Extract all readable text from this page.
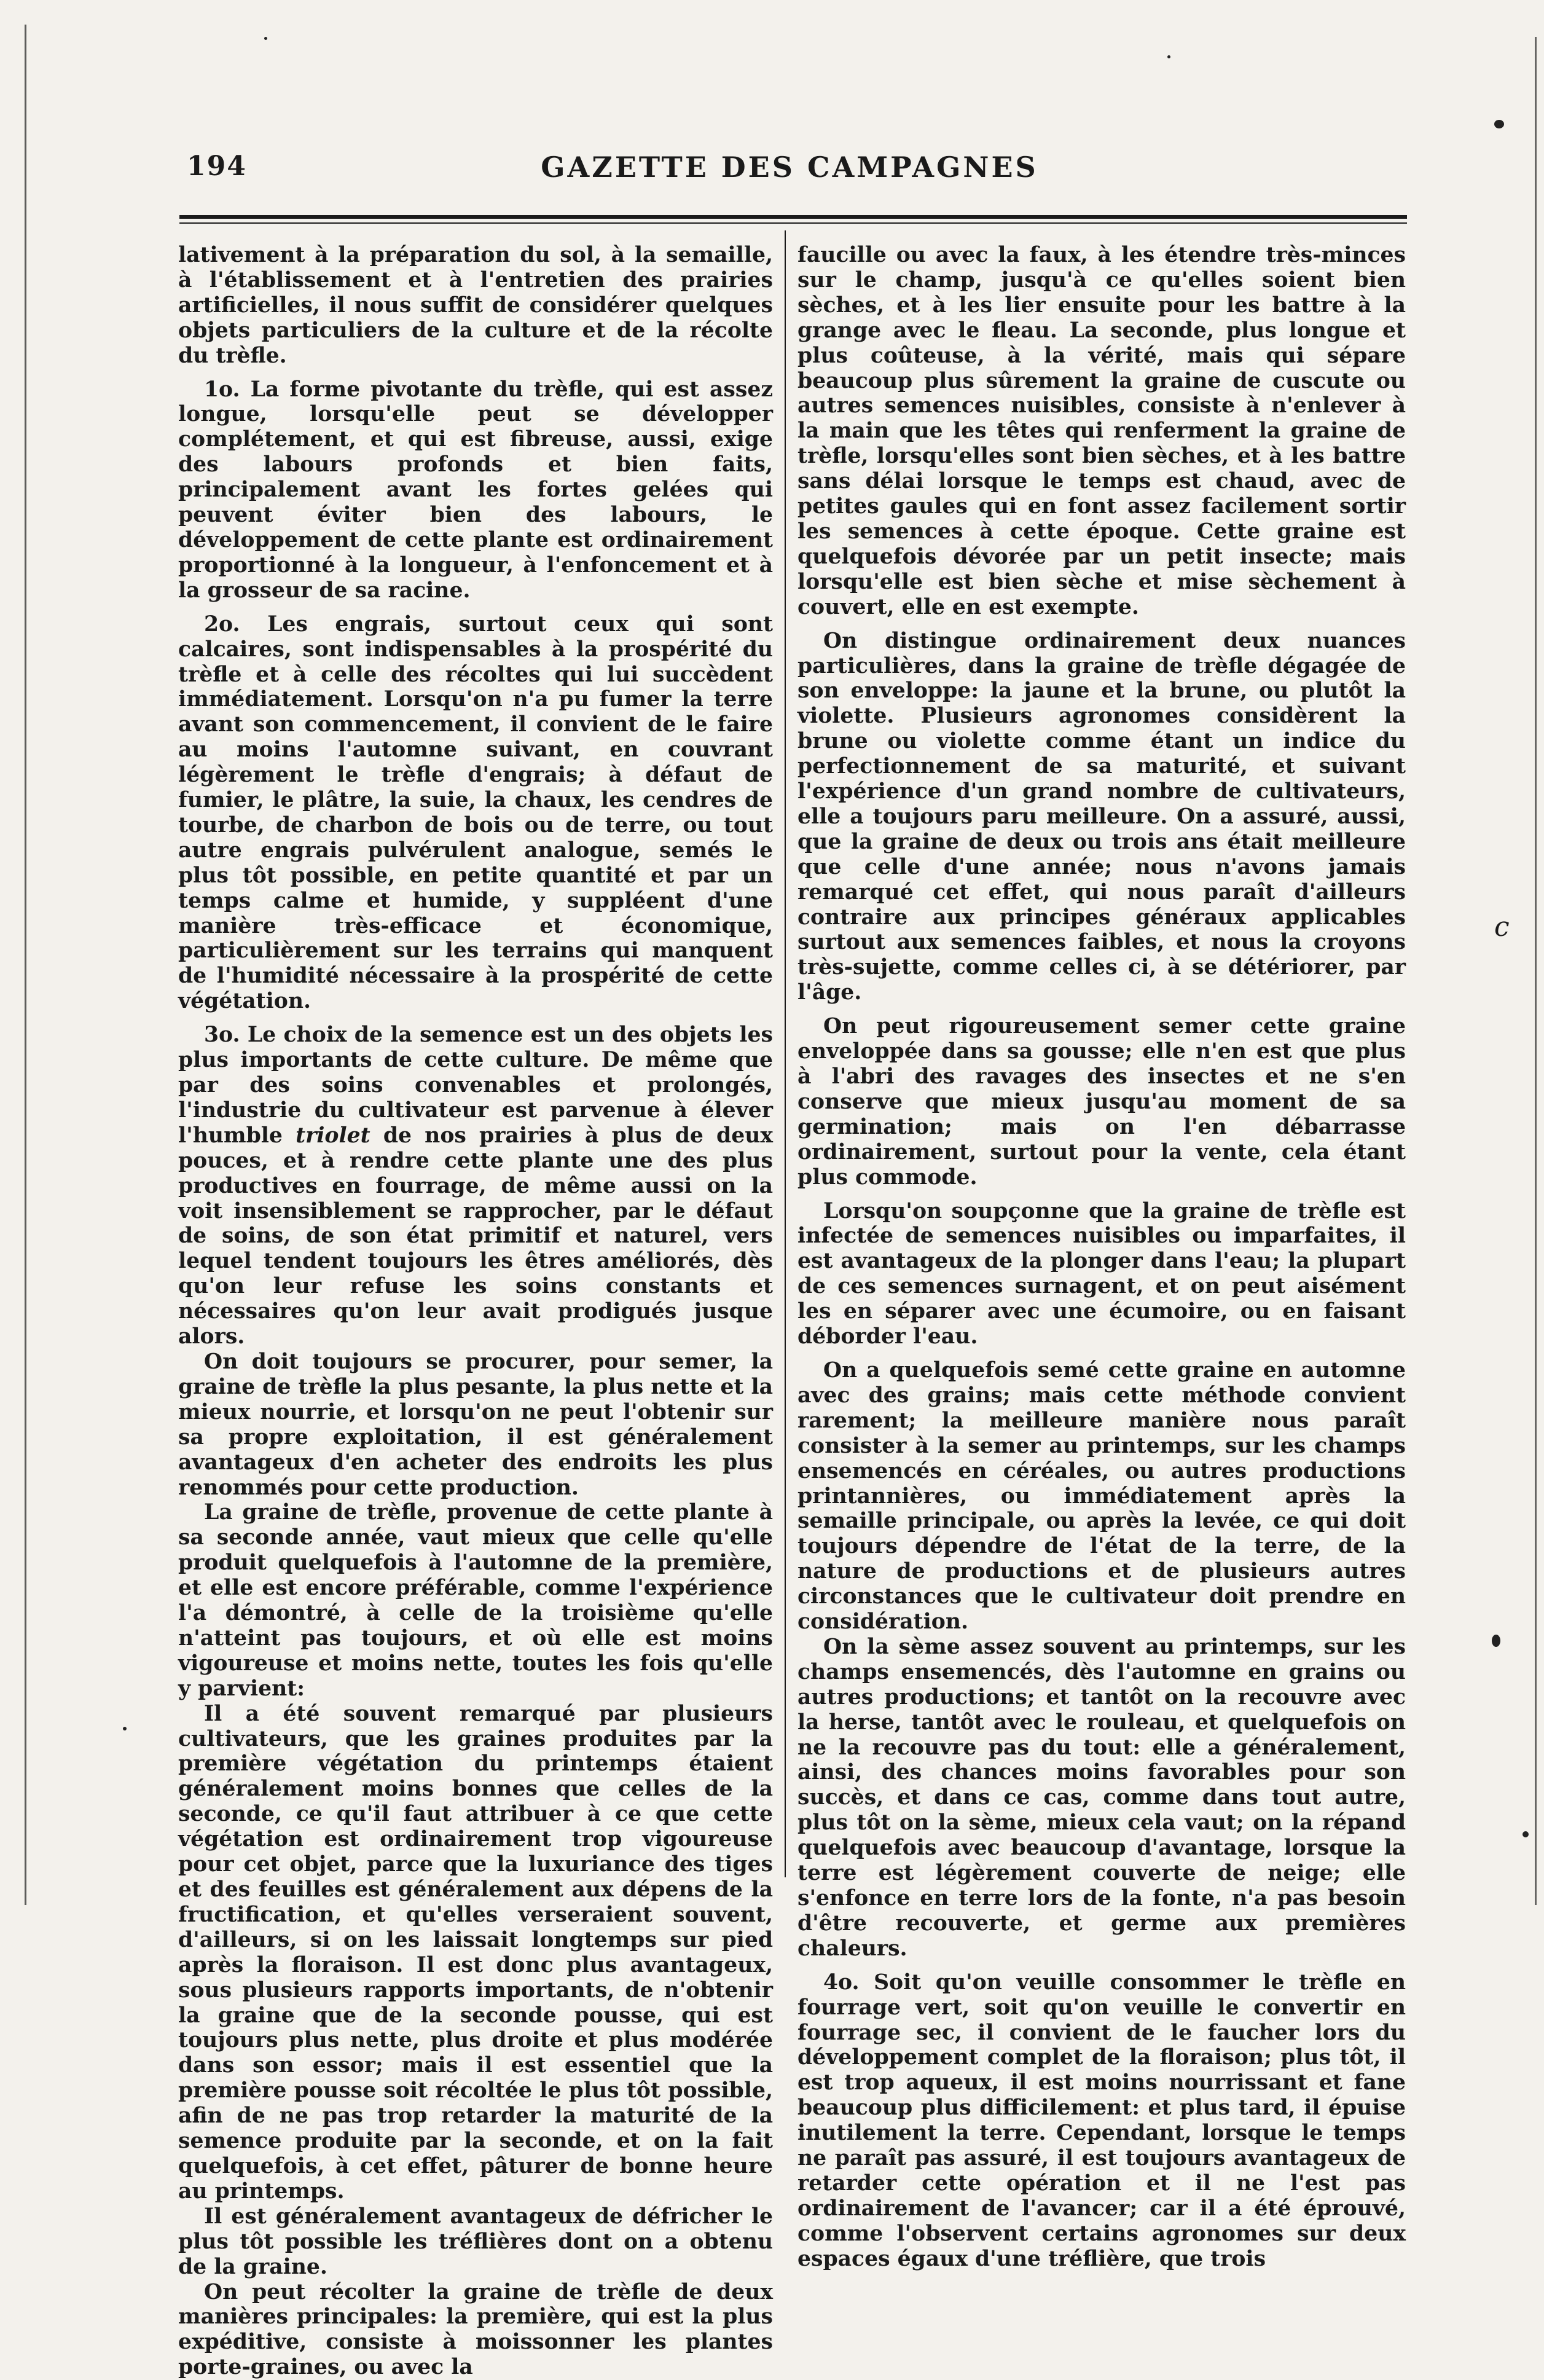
194	GAZETTE DES CAMPAGNES

lativement à la préparation du sol, à la semaille, à l'établissement et à l'entretien des prairies artificielles, il nous suffit de considérer quelques objets particuliers de la culture et de la récolte du trèfle.

1o. La forme pivotante du trèfle, qui est assez longue, lorsqu'elle peut se développer complétement, et qui est fibreuse, aussi, exige des labours profonds et bien faits, principalement avant les fortes gelées qui peuvent éviter bien des labours, le développement de cette plante est ordinairement proportionné à la longueur, à l'enfoncement et à la grosseur de sa racine.

2o. Les engrais, surtout ceux qui sont calcaires, sont indispensables à la prospérité du trèfle et à celle des récoltes qui lui succèdent immédiatement. Lorsqu'on n'a pu fumer la terre avant son commencement, il convient de le faire au moins l'automne suivant, en couvrant légèrement le trèfle d'engrais; à défaut de fumier, le plâtre, la suie, la chaux, les cendres de tourbe, de charbon de bois ou de terre, ou tout autre engrais pulvérulent analogue, semés le plus tôt possible, en petite quantité et par un temps calme et humide, y suppléent d'une manière très-efficace et économique, particulièrement sur les terrains qui manquent de l'humidité nécessaire à la prospérité de cette végétation.

3o. Le choix de la semence est un des objets les plus importants de cette culture. De même que par des soins convenables et prolongés, l'industrie du cultivateur est parvenue à élever l'humble triolet de nos prairies à plus de deux pouces, et à rendre cette plante une des plus productives en fourrage, de même aussi on la voit insensiblement se rapprocher, par le défaut de soins, de son état primitif et naturel, vers lequel tendent toujours les êtres améliorés, dès qu'on leur refuse les soins constants et nécessaires qu'on leur avait prodigués jusque alors.

On doit toujours se procurer, pour semer, la graine de trèfle la plus pesante, la plus nette et la mieux nourrie, et lorsqu'on ne peut l'obtenir sur sa propre exploitation, il est généralement avantageux d'en acheter des endroits les plus renommés pour cette production.

La graine de trèfle, provenue de cette plante à sa seconde année, vaut mieux que celle qu'elle produit quelquefois à l'automne de la première, et elle est encore préférable, comme l'expérience l'a démontré, à celle de la troisième qu'elle n'atteint pas toujours, et où elle est moins vigoureuse et moins nette, toutes les fois qu'elle y parvient:

Il a été souvent remarqué par plusieurs cultivateurs, que les graines produites par la première végétation du printemps étaient généralement moins bonnes que celles de la seconde, ce qu'il faut attribuer à ce que cette végétation est ordinairement trop vigoureuse pour cet objet, parce que la luxuriance des tiges et des feuilles est généralement aux dépens de la fructification, et qu'elles verseraient souvent, d'ailleurs, si on les laissait longtemps sur pied après la floraison. Il est donc plus avantageux, sous plusieurs rapports importants, de n'obtenir la graine que de la seconde pousse, qui est toujours plus nette, plus droite et plus modérée dans son essor; mais il est essentiel que la première pousse soit récoltée le plus tôt possible, afin de ne pas trop retarder la maturité de la semence produite par la seconde, et on la fait quelquefois, à cet effet, pâturer de bonne heure au printemps.

Il est généralement avantageux de défricher le plus tôt possible les tréflières dont on a obtenu de la graine.

On peut récolter la graine de trèfle de deux manières principales: la première, qui est la plus expéditive, consiste à moissonner les plantes porte-graines, ou avec la

faucille ou avec la faux, à les étendre très-minces sur le champ, jusqu'à ce qu'elles soient bien sèches, et à les lier ensuite pour les battre à la grange avec le fleau. La seconde, plus longue et plus coûteuse, à la vérité, mais qui sépare beaucoup plus sûrement la graine de cuscute ou autres semences nuisibles, consiste à n'enlever à la main que les têtes qui renferment la graine de trèfle, lorsqu'elles sont bien sèches, et à les battre sans délai lorsque le temps est chaud, avec de petites gaules qui en font assez facilement sortir les semences à cette époque. Cette graine est quelquefois dévorée par un petit insecte; mais lorsqu'elle est bien sèche et mise sèchement à couvert, elle en est exempte.

On distingue ordinairement deux nuances particulières, dans la graine de trèfle dégagée de son enveloppe: la jaune et la brune, ou plutôt la violette. Plusieurs agronomes considèrent la brune ou violette comme étant un indice du perfectionnement de sa maturité, et suivant l'expérience d'un grand nombre de cultivateurs, elle a toujours paru meilleure. On a assuré, aussi, que la graine de deux ou trois ans était meilleure que celle d'une année; nous n'avons jamais remarqué cet effet, qui nous paraît d'ailleurs contraire aux principes généraux applicables surtout aux semences faibles, et nous la croyons très-sujette, comme celles ci, à se détériorer, par l'âge.

On peut rigoureusement semer cette graine enveloppée dans sa gousse; elle n'en est que plus à l'abri des ravages des insectes et ne s'en conserve que mieux jusqu'au moment de sa germination; mais on l'en débarrasse ordinairement, surtout pour la vente, cela étant plus commode.

Lorsqu'on soupçonne que la graine de trèfle est infectée de semences nuisibles ou imparfaites, il est avantageux de la plonger dans l'eau; la plupart de ces semences surnagent, et on peut aisément les en séparer avec une écumoire, ou en faisant déborder l'eau.

On a quelquefois semé cette graine en automne avec des grains; mais cette méthode convient rarement; la meilleure manière nous paraît consister à la semer au printemps, sur les champs ensemencés en céréales, ou autres productions printannières, ou immédiatement après la semaille principale, ou après la levée, ce qui doit toujours dépendre de l'état de la terre, de la nature de productions et de plusieurs autres circonstances que le cultivateur doit prendre en considération.

On la sème assez souvent au printemps, sur les champs ensemencés, dès l'automne en grains ou autres productions; et tantôt on la recouvre avec la herse, tantôt avec le rouleau, et quelquefois on ne la recouvre pas du tout: elle a généralement, ainsi, des chances moins favorables pour son succès, et dans ce cas, comme dans tout autre, plus tôt on la sème, mieux cela vaut; on la répand quelquefois avec beaucoup d'avantage, lorsque la terre est légèrement couverte de neige; elle s'enfonce en terre lors de la fonte, n'a pas besoin d'être recouverte, et germe aux premières chaleurs.

4o. Soit qu'on veuille consommer le trèfle en fourrage vert, soit qu'on veuille le convertir en fourrage sec, il convient de le faucher lors du développement complet de la floraison; plus tôt, il est trop aqueux, il est moins nourrissant et fane beaucoup plus difficilement: et plus tard, il épuise inutilement la terre. Cependant, lorsque le temps ne paraît pas assuré, il est toujours avantageux de retarder cette opération et il ne l'est pas ordinairement de l'avancer; car il a été éprouvé, comme l'observent certains agronomes sur deux espaces égaux d'une tréflière, que trois

c
